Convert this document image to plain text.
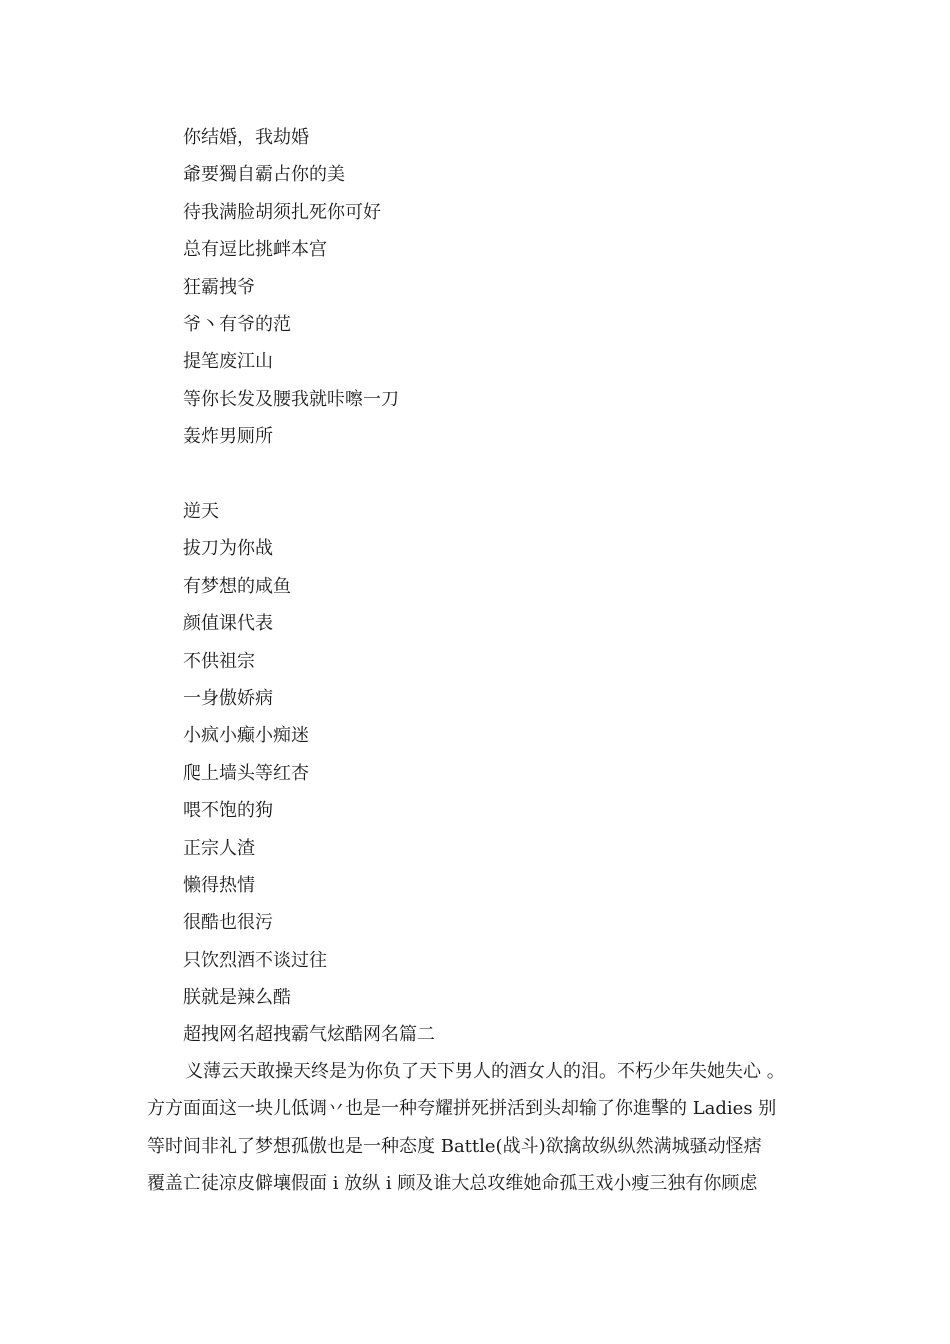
你结婚，我劫婚
爺要獨自霸占你的美
待我满脸胡须扎死你可好
总有逗比挑衅本宫
狂霸拽爷
爷丶有爷的范
提笔废江山
等你长发及腰我就咔嚓一刀
轰炸男厕所
逆天
拔刀为你战
有梦想的咸鱼
颜值课代表
不供祖宗
一身傲娇病
小疯小癫小痴迷
爬上墙头等红杏
喂不饱的狗
正宗人渣
懒得热情
很酷也很污
只饮烈酒不谈过往
朕就是辣么酷
超拽网名超拽霸气炫酷网名篇二

义薄云天敢操天终是为你负了天下男人的酒女人的泪。不朽少年失她失心 。
方方面面这一块儿低调丷也是一种夸耀拼死拼活到头却输了你進擊的 Ladies 别
等时间非礼了梦想孤傲也是一种态度 Battle(战斗)欲擒故纵纵然满城骚动怪痞
覆盖亡徒凉皮僻壤假面 i 放纵 i 顾及谁大总攻维她命孤王戏小瘦三独有你顾虑
